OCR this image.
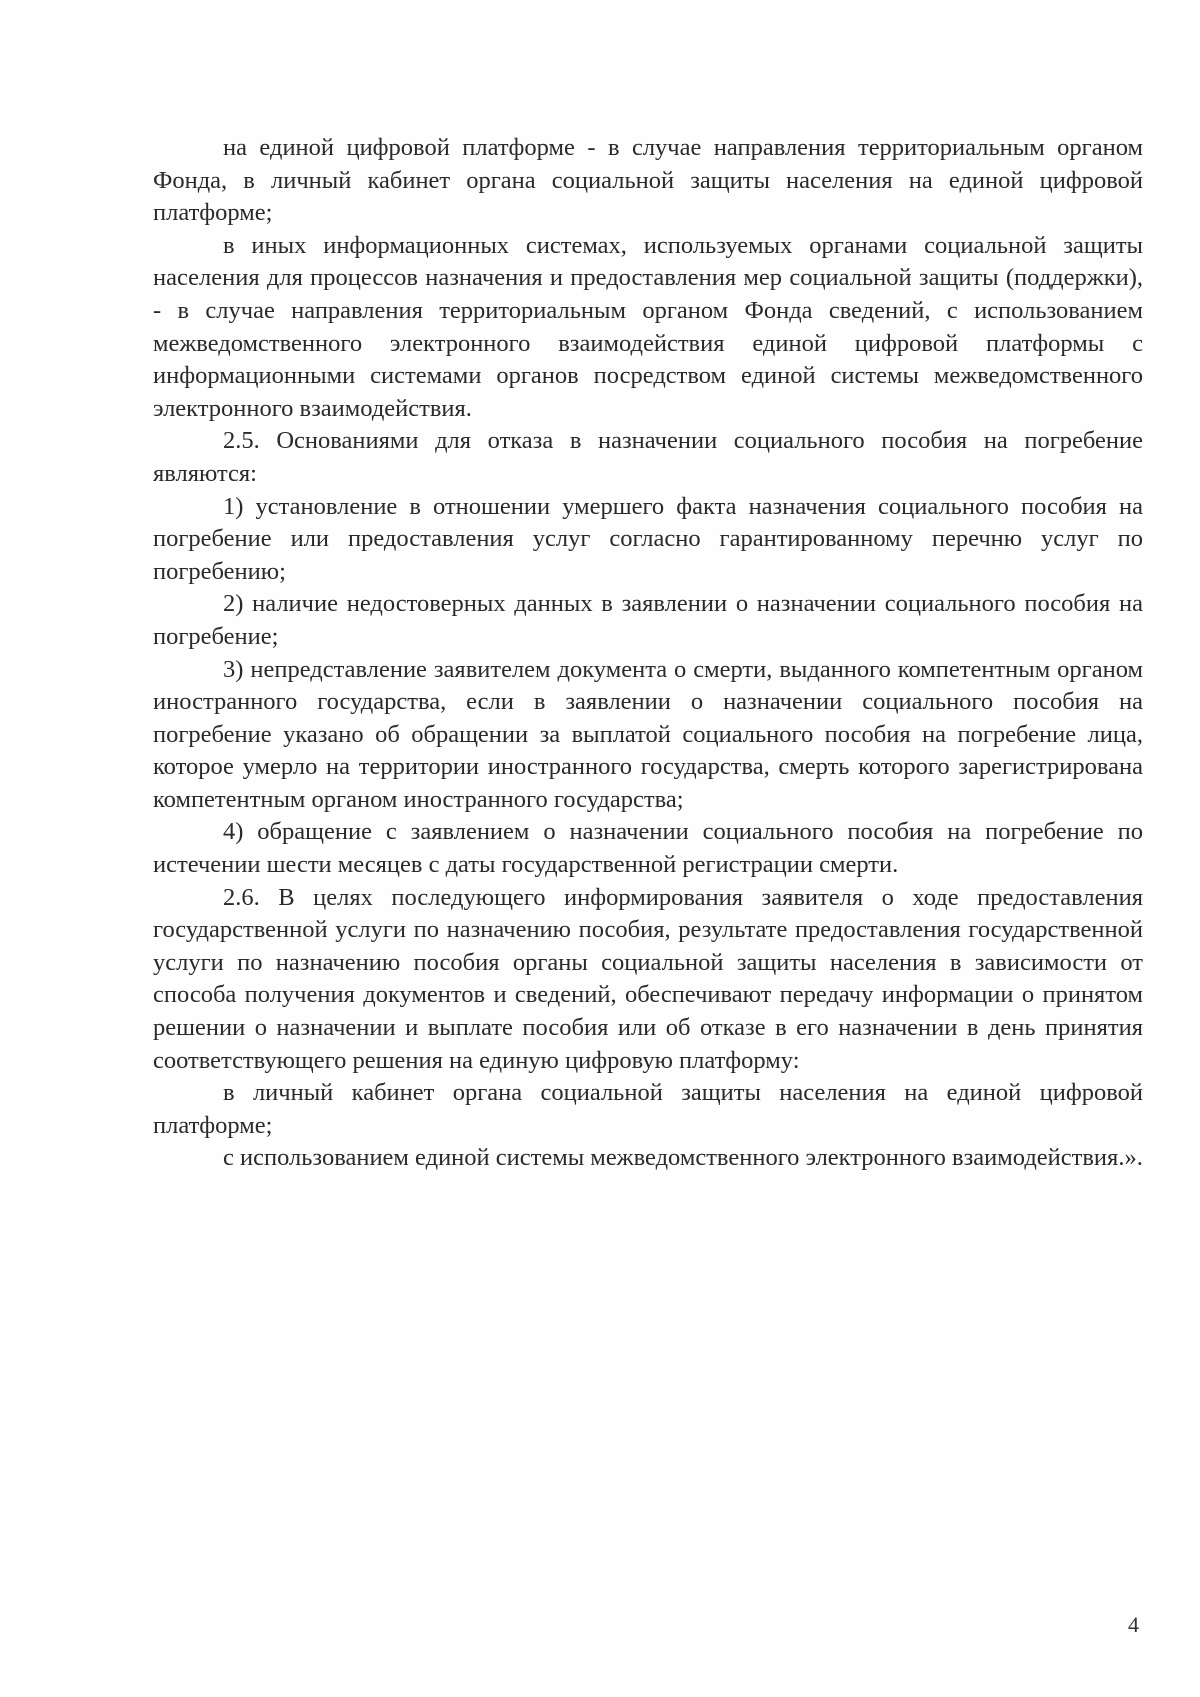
на единой цифровой платформе - в случае направления территориальным органом Фонда, в личный кабинет органа социальной защиты населения на единой цифровой платформе;

в иных информационных системах, используемых органами социальной защиты населения для процессов назначения и предоставления мер социальной защиты (поддержки), - в случае направления территориальным органом Фонда сведений, с использованием межведомственного электронного взаимодействия единой цифровой платформы с информационными системами органов посредством единой системы межведомственного электронного взаимодействия.

2.5. Основаниями для отказа в назначении социального пособия на погребение являются:

1) установление в отношении умершего факта назначения социального пособия на погребение или предоставления услуг согласно гарантированному перечню услуг по погребению;

2) наличие недостоверных данных в заявлении о назначении социального пособия на погребение;

3) непредставление заявителем документа о смерти, выданного компетентным органом иностранного государства, если в заявлении о назначении социального пособия на погребение указано об обращении за выплатой социального пособия на погребение лица, которое умерло на территории иностранного государства, смерть которого зарегистрирована компетентным органом иностранного государства;

4) обращение с заявлением о назначении социального пособия на погребение по истечении шести месяцев с даты государственной регистрации смерти.

2.6. В целях последующего информирования заявителя о ходе предоставления государственной услуги по назначению пособия, результате предоставления государственной услуги по назначению пособия органы социальной защиты населения в зависимости от способа получения документов и сведений, обеспечивают передачу информации о принятом решении о назначении и выплате пособия или об отказе в его назначении в день принятия соответствующего решения на единую цифровую платформу:

в личный кабинет органа социальной защиты населения на единой цифровой платформе;

с использованием единой системы межведомственного электронного взаимодействия.».

4
